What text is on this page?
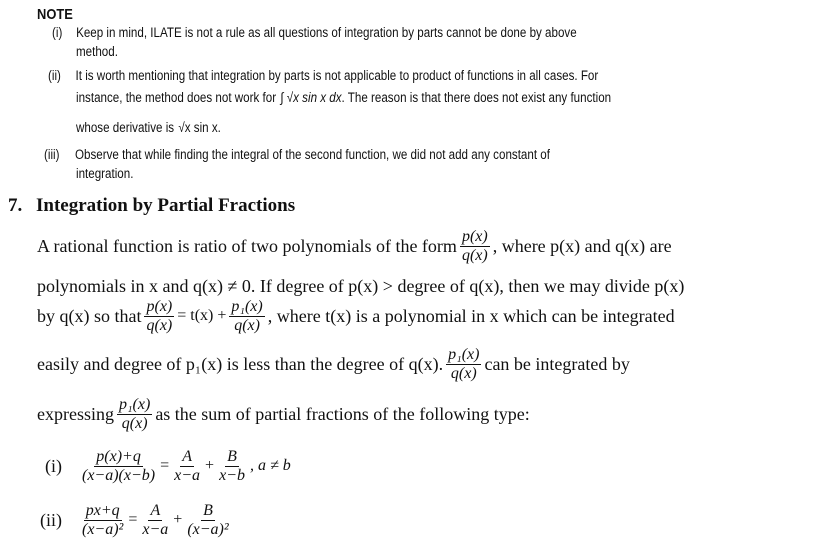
NOTE
(i)	Keep in mind, ILATE is not a rule as all questions of integration by parts cannot be done by above
method.
(ii)	It is worth mentioning that integration by parts is not applicable to product of functions in all cases. For
instance, the method does not work for ∫ √x sin x dx . The reason is that there does not exist any function
whose derivative is √x sin x.
(iii)	Observe that while finding the integral of the second function, we did not add any constant of
integration.
7. Integration by Partial Fractions
A rational function is ratio of two polynomials of the form $\frac{p(x)}{q(x)}$ , where p(x) and q(x) are
polynomials in x and q(x) ≠ 0. If degree of p(x) > degree of q(x), then we may divide p(x)
by q(x) so that $\frac{p(x)}{q(x)} = t(x) + \frac{\text{p₁(x)}}{q(x)}$ , where t(x) is a polynomial in x which can be integrated
easily and degree of p₁(x) is less than the degree of q(x). $\frac{\text{p₁(x)}}{q(x)}$ can be integrated by
expressing $\frac{\text{p₁(x)}}{q(x)}$ as the sum of partial fractions of the following type:
(i)	$\frac{p(x)+q}{(x-a)(x-b)} = \frac{A}{x-a} + \frac{B}{x-b}$ , a ≠ b
(ii)	$\frac{px+q}{\text{(x−a)²}} = \frac{A}{x-a} + \frac{B}{\text{(x−a)²}}$
